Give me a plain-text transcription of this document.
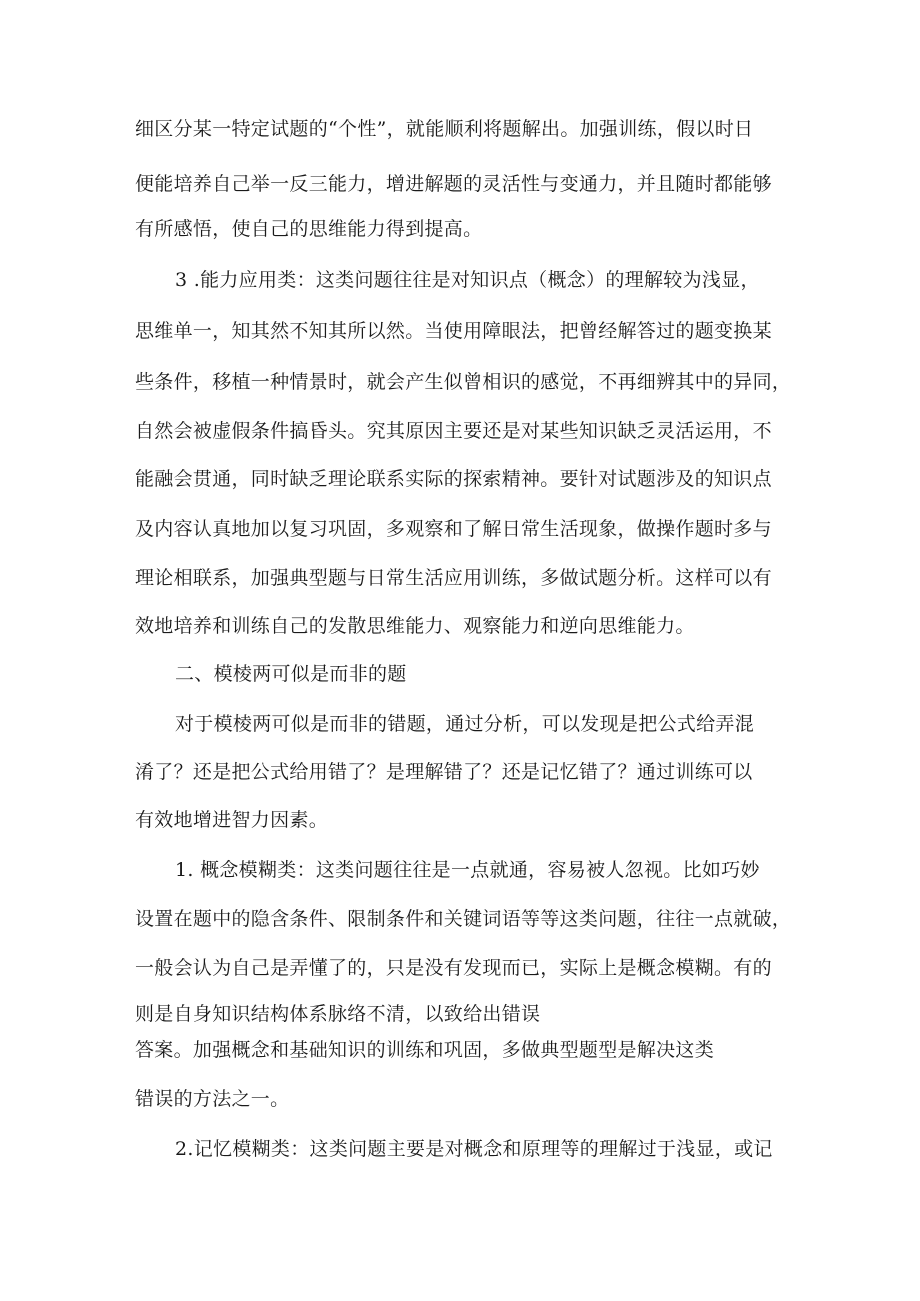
细区分某一特定试题的“个性”，就能顺利将题解出。加强训练，假以时日
便能培养自己举一反三能力，增进解题的灵活性与变通力，并且随时都能够
有所感悟，使自己的思维能力得到提高。
3 .能力应用类：这类问题往往是对知识点（概念）的理解较为浅显，
思维单一，知其然不知其所以然。当使用障眼法，把曾经解答过的题变换某
些条件，移植一种情景时，就会产生似曾相识的感觉，不再细辨其中的异同，
自然会被虚假条件搞昏头。究其原因主要还是对某些知识缺乏灵活运用，不
能融会贯通，同时缺乏理论联系实际的探索精神。要针对试题涉及的知识点
及内容认真地加以复习巩固，多观察和了解日常生活现象，做操作题时多与
理论相联系，加强典型题与日常生活应用训练，多做试题分析。这样可以有
效地培养和训练自己的发散思维能力、观察能力和逆向思维能力。
二、模棱两可似是而非的题
对于模棱两可似是而非的错题，通过分析，可以发现是把公式给弄混
淆了？还是把公式给用错了？是理解错了？还是记忆错了？通过训练可以
有效地增进智力因素。
1. 概念模糊类：这类问题往往是一点就通，容易被人忽视。比如巧妙
设置在题中的隐含条件、限制条件和关键词语等等这类问题，往往一点就破，
一般会认为自己是弄懂了的，只是没有发现而已，实际上是概念模糊。有的
则是自身知识结构体系脉络不清，以致给出错误
答案。加强概念和基础知识的训练和巩固，多做典型题型是解决这类
错误的方法之一。
2.记忆模糊类：这类问题主要是对概念和原理等的理解过于浅显，或记
